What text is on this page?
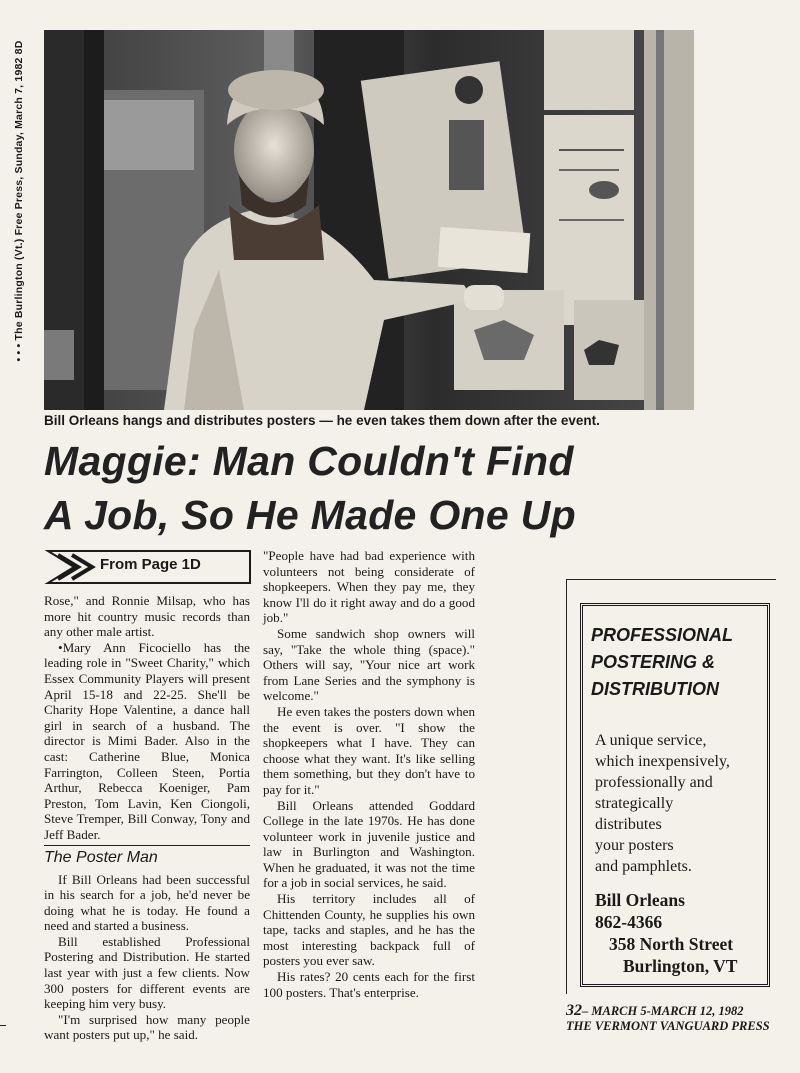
• • • The Burlington (Vt.) Free Press, Sunday, March 7, 1982 8D
Bill Orleans hangs and distributes posters — he even takes them down after the event.
Maggie: Man Couldn't Find
A Job, So He Made One Up
From Page 1D

Rose," and Ronnie Milsap, who has more hit country music records than any other male artist.

•Mary Ann Ficociello has the leading role in "Sweet Charity," which Essex Community Players will present April 15-18 and 22-25. She'll be Charity Hope Valentine, a dance hall girl in search of a husband. The director is Mimi Bader. Also in the cast: Catherine Blue, Monica Farrington, Colleen Steen, Portia Arthur, Rebecca Koeniger, Pam Preston, Tom Lavin, Ken Ciongoli, Steve Tremper, Bill Conway, Tony and Jeff Bader.

The Poster Man

If Bill Orleans had been successful in his search for a job, he'd never be doing what he is today. He found a need and started a business.

Bill established Professional Postering and Distribution. He started last year with just a few clients. Now 300 posters for different events are keeping him very busy.

"I'm surprised how many people want posters put up," he said.

"People have had bad experience with volunteers not being considerate of shopkeepers. When they pay me, they know I'll do it right away and do a good job."

Some sandwich shop owners will say, "Take the whole thing (space)." Others will say, "Your nice art work from Lane Series and the symphony is welcome."

He even takes the posters down when the event is over. "I show the shopkeepers what I have. They can choose what they want. It's like selling them something, but they don't have to pay for it."

Bill Orleans attended Goddard College in the late 1970s. He has done volunteer work in juvenile justice and law in Burlington and Washington. When he graduated, it was not the time for a job in social services, he said.

His territory includes all of Chittenden County, he supplies his own tape, tacks and staples, and he has the most interesting backpack full of posters you ever saw.

His rates? 20 cents each for the first 100 posters. That's enterprise.

PROFESSIONAL
POSTERING &
DISTRIBUTION
A unique service,
which inexpensively,
professionally and
strategically
distributes
your posters
and pamphlets.
Bill Orleans
862-4366
358 North Street
Burlington, VT
32– MARCH 5-MARCH 12, 1982
THE VERMONT VANGUARD PRESS
